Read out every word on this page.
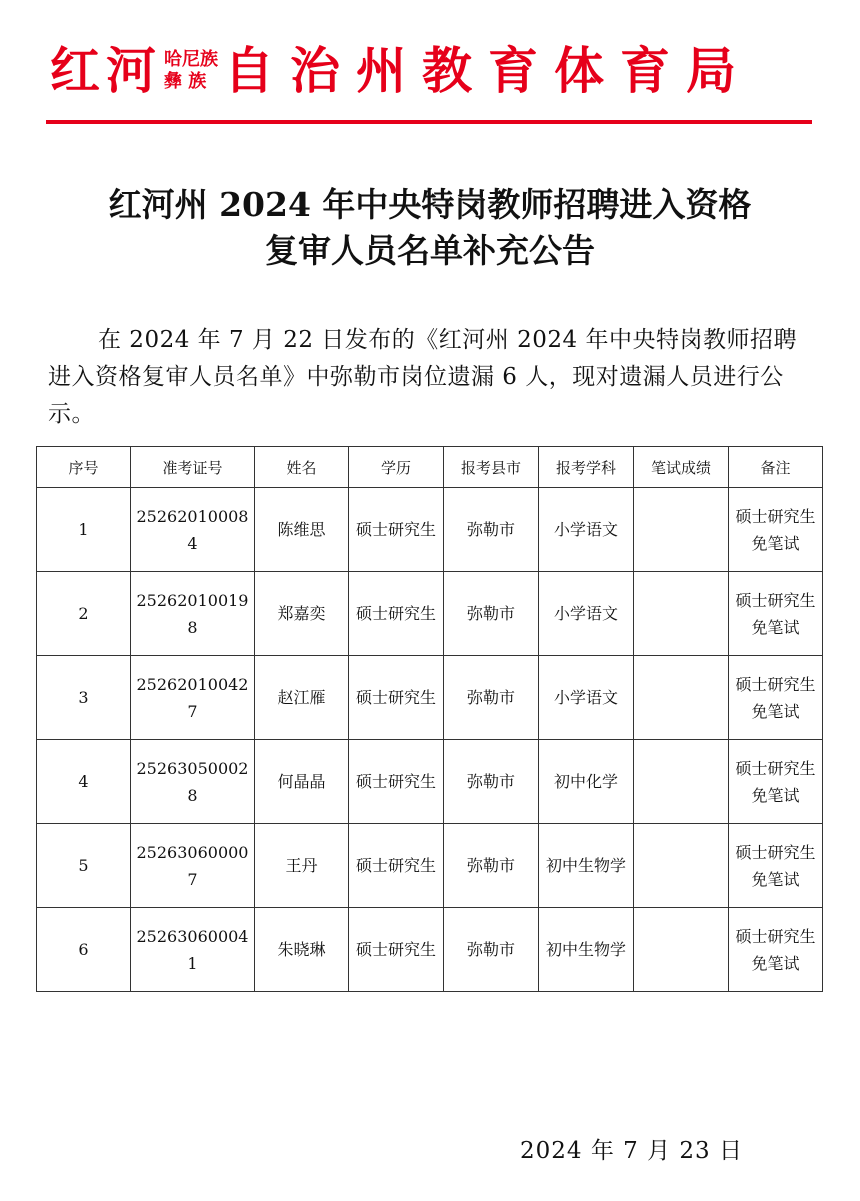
红河 哈尼族
彝 族 自治州教育体育局
红河州 2024 年中央特岗教师招聘进入资格
复审人员名单补充公告
在 2024 年 7 月 22 日发布的《红河州 2024 年中央特岗教师招聘进入资格复审人员名单》中弥勒市岗位遗漏 6 人，现对遗漏人员进行公示。
序号	准考证号	姓名	学历	报考县市	报考学科	笔试成绩	备注
1	252620100084	陈维思	硕士研究生	弥勒市	小学语文		硕士研究生免笔试
2	252620100198	郑嘉奕	硕士研究生	弥勒市	小学语文		硕士研究生免笔试
3	252620100427	赵江雁	硕士研究生	弥勒市	小学语文		硕士研究生免笔试
4	252630500028	何晶晶	硕士研究生	弥勒市	初中化学		硕士研究生免笔试
5	252630600007	王丹	硕士研究生	弥勒市	初中生物学		硕士研究生免笔试
6	252630600041	朱晓琳	硕士研究生	弥勒市	初中生物学		硕士研究生免笔试
2024 年 7 月 23 日
